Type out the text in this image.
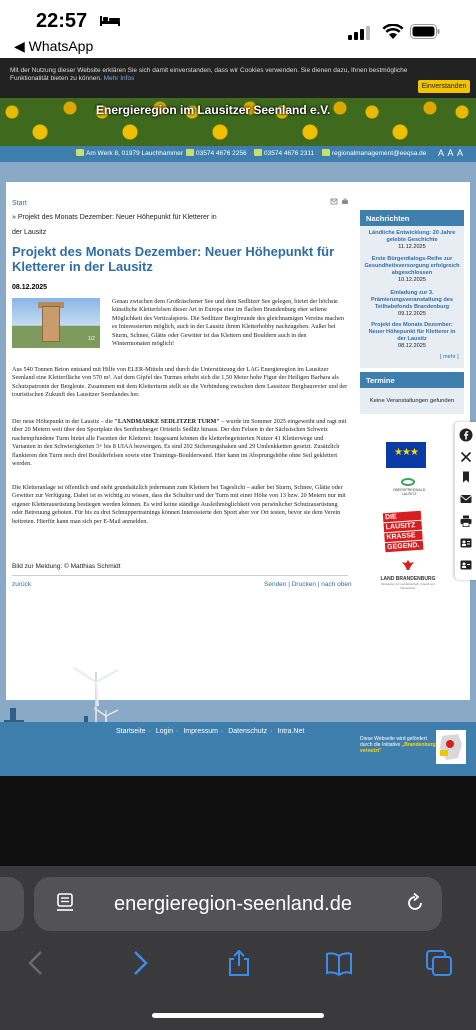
22:57
◀ WhatsApp
Mit der Nutzung dieser Website erklären Sie sich damit einverstanden, dass wir Cookies verwenden. Sie dienen dazu, Ihnen bestmögliche Funktionalität bieten zu können. Mehr Infos
Einverstanden
Energieregion im Lausitzer Seenland e.V.
Am Werk 8, 01979 Lauchhammer	03574 4676 2256	03574 4676 2311	regionalmanagement@eeqsa.de A A A
Start
» Projekt des Monats Dezember: Neuer Höhepunkt für Kletterer in
der Lausitz
Projekt des Monats Dezember: Neuer Höhepunkt für Kletterer in der Lausitz
08.12.2025
1/2

Genau zwischen dem Großräschener See und dem Sedlitzer See gelegen, bietet der höchste künstliche Kletterfelsen dieser Art in Europa eine im flachen Brandenburg eher seltene Möglichkeit des Verticalsports. Die Sedlitzer Bergfreunde des gleichnamigen Vereins machen es Interessierten möglich, auch in der Lausitz ihrem Kletterhobby nachzugehen. Außer bei Sturm, Schnee, Glätte oder Gewitter ist das Klettern und Bouldern auch in den Wintermonaten möglich!

Aus 540 Tonnen Beton entstand mit Hilfe von ELER-Mitteln und durch die Unterstützung der LAG Energieregion im Lausitzer Seenland eine Kletterfläche von 570 m². Auf dem Gipfel des Turmes erhebt sich die 1,50 Meter hohe Figur der Heiligen Barbara als Schutzpatronin der Bergleute. Zusammen mit dem Kletterturm stellt sie die Verbindung zwischen dem Lausitzer Bergbaurevier und der touristischen Zukunft des Lausitzer Seenlandes her.

Der neue Höhepunkt in der Lausitz – die "LANDMARKE SEDLITZER TURM" – wurde im Sommer 2025 eingeweiht und ragt mit über 20 Metern weit über den Sportplatz des Senftenberger Ortsteils Sedlitz hinaus. Der den Felsen in der Sächsischen Schweiz nachempfundene Turm bietet alle Facetten der Kletterei: Insgesamt können die kletterbegeisterten Nutzer 41 Kletterwege und Varianten in den Schwierigkeiten 3+ bis 8 UIAA bezwingen. Es sind 292 Sicherungshaken und 29 Umlenkketten gesetzt. Zusätzlich flankieren den Turm noch drei Boulderfelsen sowie eine Trainings-Boulderwand. Hier kann im Absprungshöhe ohne Seil geklettert werden.

Die Kletteranlage ist öffentlich und steht grundsätzlich jedermann zum Klettern bei Tageslicht – außer bei Sturm, Schnee, Glätte oder Gewitter zur Verfügung. Dabei ist es wichtig zu wissen, dass die Schulter und der Turm mit einer Höhe von 13 bzw. 20 Metern nur mit eigener Kletterausrüstung bestiegen werden können. Es wird keine ständige Ausleihmöglichkeit von persönlicher Schutzausrüstung oder Betreuung geboten. Für bis zu drei Schnuppertrainings können Interessierte den Sport aber vor Ort testen, bevor sie dem Verein beitreten. Hierfür kann man sich per E-Mail anmelden.

Bild zur Meldung: © Matthias Schmidt
zurück	Senden | Drucken | nach oben
Nachrichten
Ländliche Entwicklung: 20 Jahre gelebte Geschichte
11.12.2025
Erste Bürgerdialogs-Reihe zur Gesundheitsversorgung erfolgreich abgeschlossen
10.12.2025
Einladung zur 3. Prämierungsveranstaltung des Teilhabefonds Brandenburg
09.12.2025
Projekt des Monats Dezember: Neuer Höhepunkt für Kletterer in der Lausitz
08.12.2025
[ mehr ]
Termine
Keine Veranstaltungen gefunden
★★★
OBERSPREEWALD LAUSITZ
DIE
LAUSITZ
KRASSE
GEGEND.
LAND BRANDENBURG
Ministerium für Landwirtschaft, Umwelt und Klimaschutz
Startseite · Login · Impressum · Datenschutz · Intra.Net
Diese Webseite wird gefördert durch die Initiative „Brandenburg vernetzt"
energieregion-seenland.de
